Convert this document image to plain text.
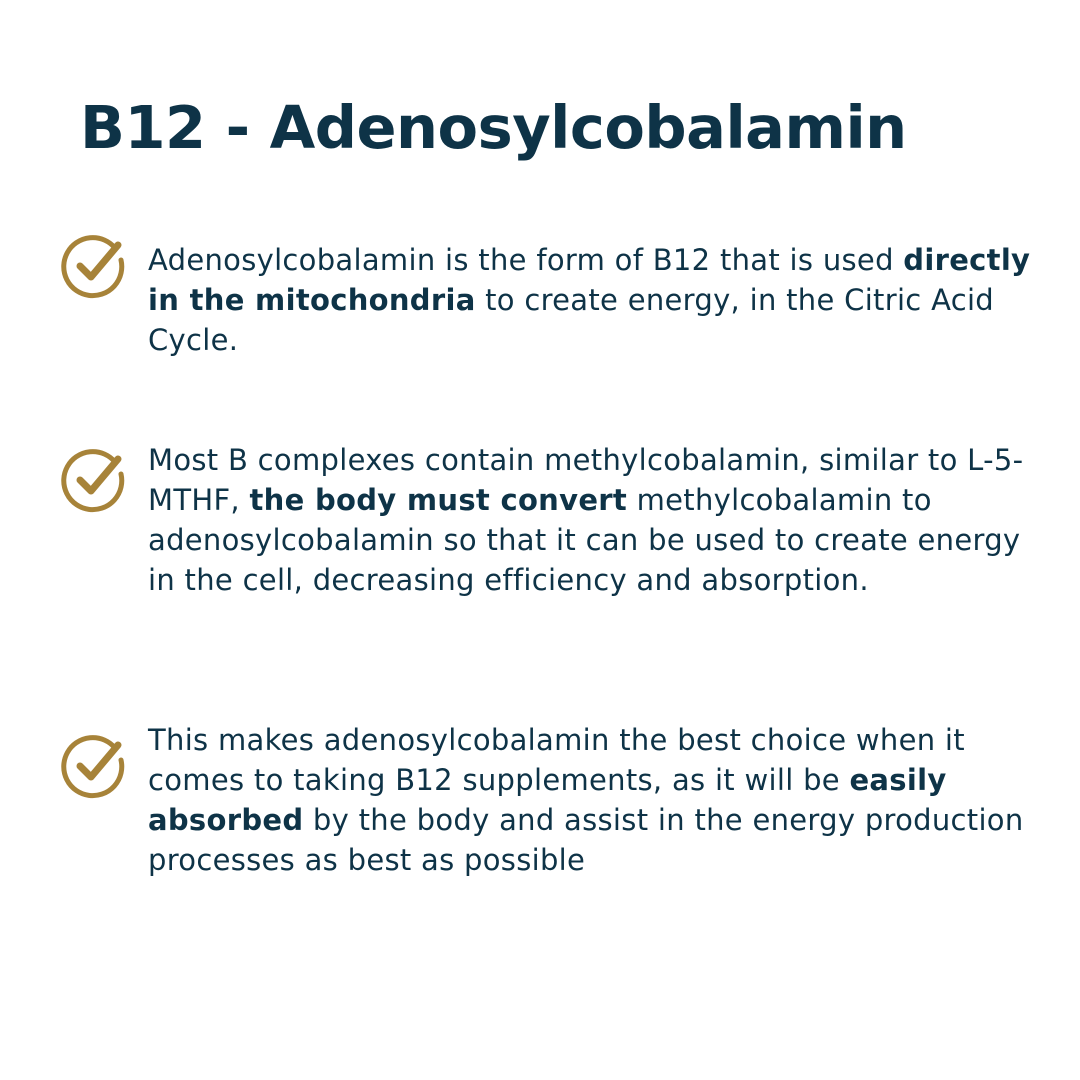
B12 - Adenosylcobalamin

Adenosylcobalamin is the form of B12 that is used directly in the mitochondria to create energy, in the Citric Acid Cycle.

Most B complexes contain methylcobalamin, similar to L-5-MTHF, the body must convert methylcobalamin to adenosylcobalamin so that it can be used to create energy in the cell, decreasing efficiency and absorption.

This makes adenosylcobalamin the best choice when it comes to taking B12 supplements, as it will be easily absorbed by the body and assist in the energy production processes as best as possible
